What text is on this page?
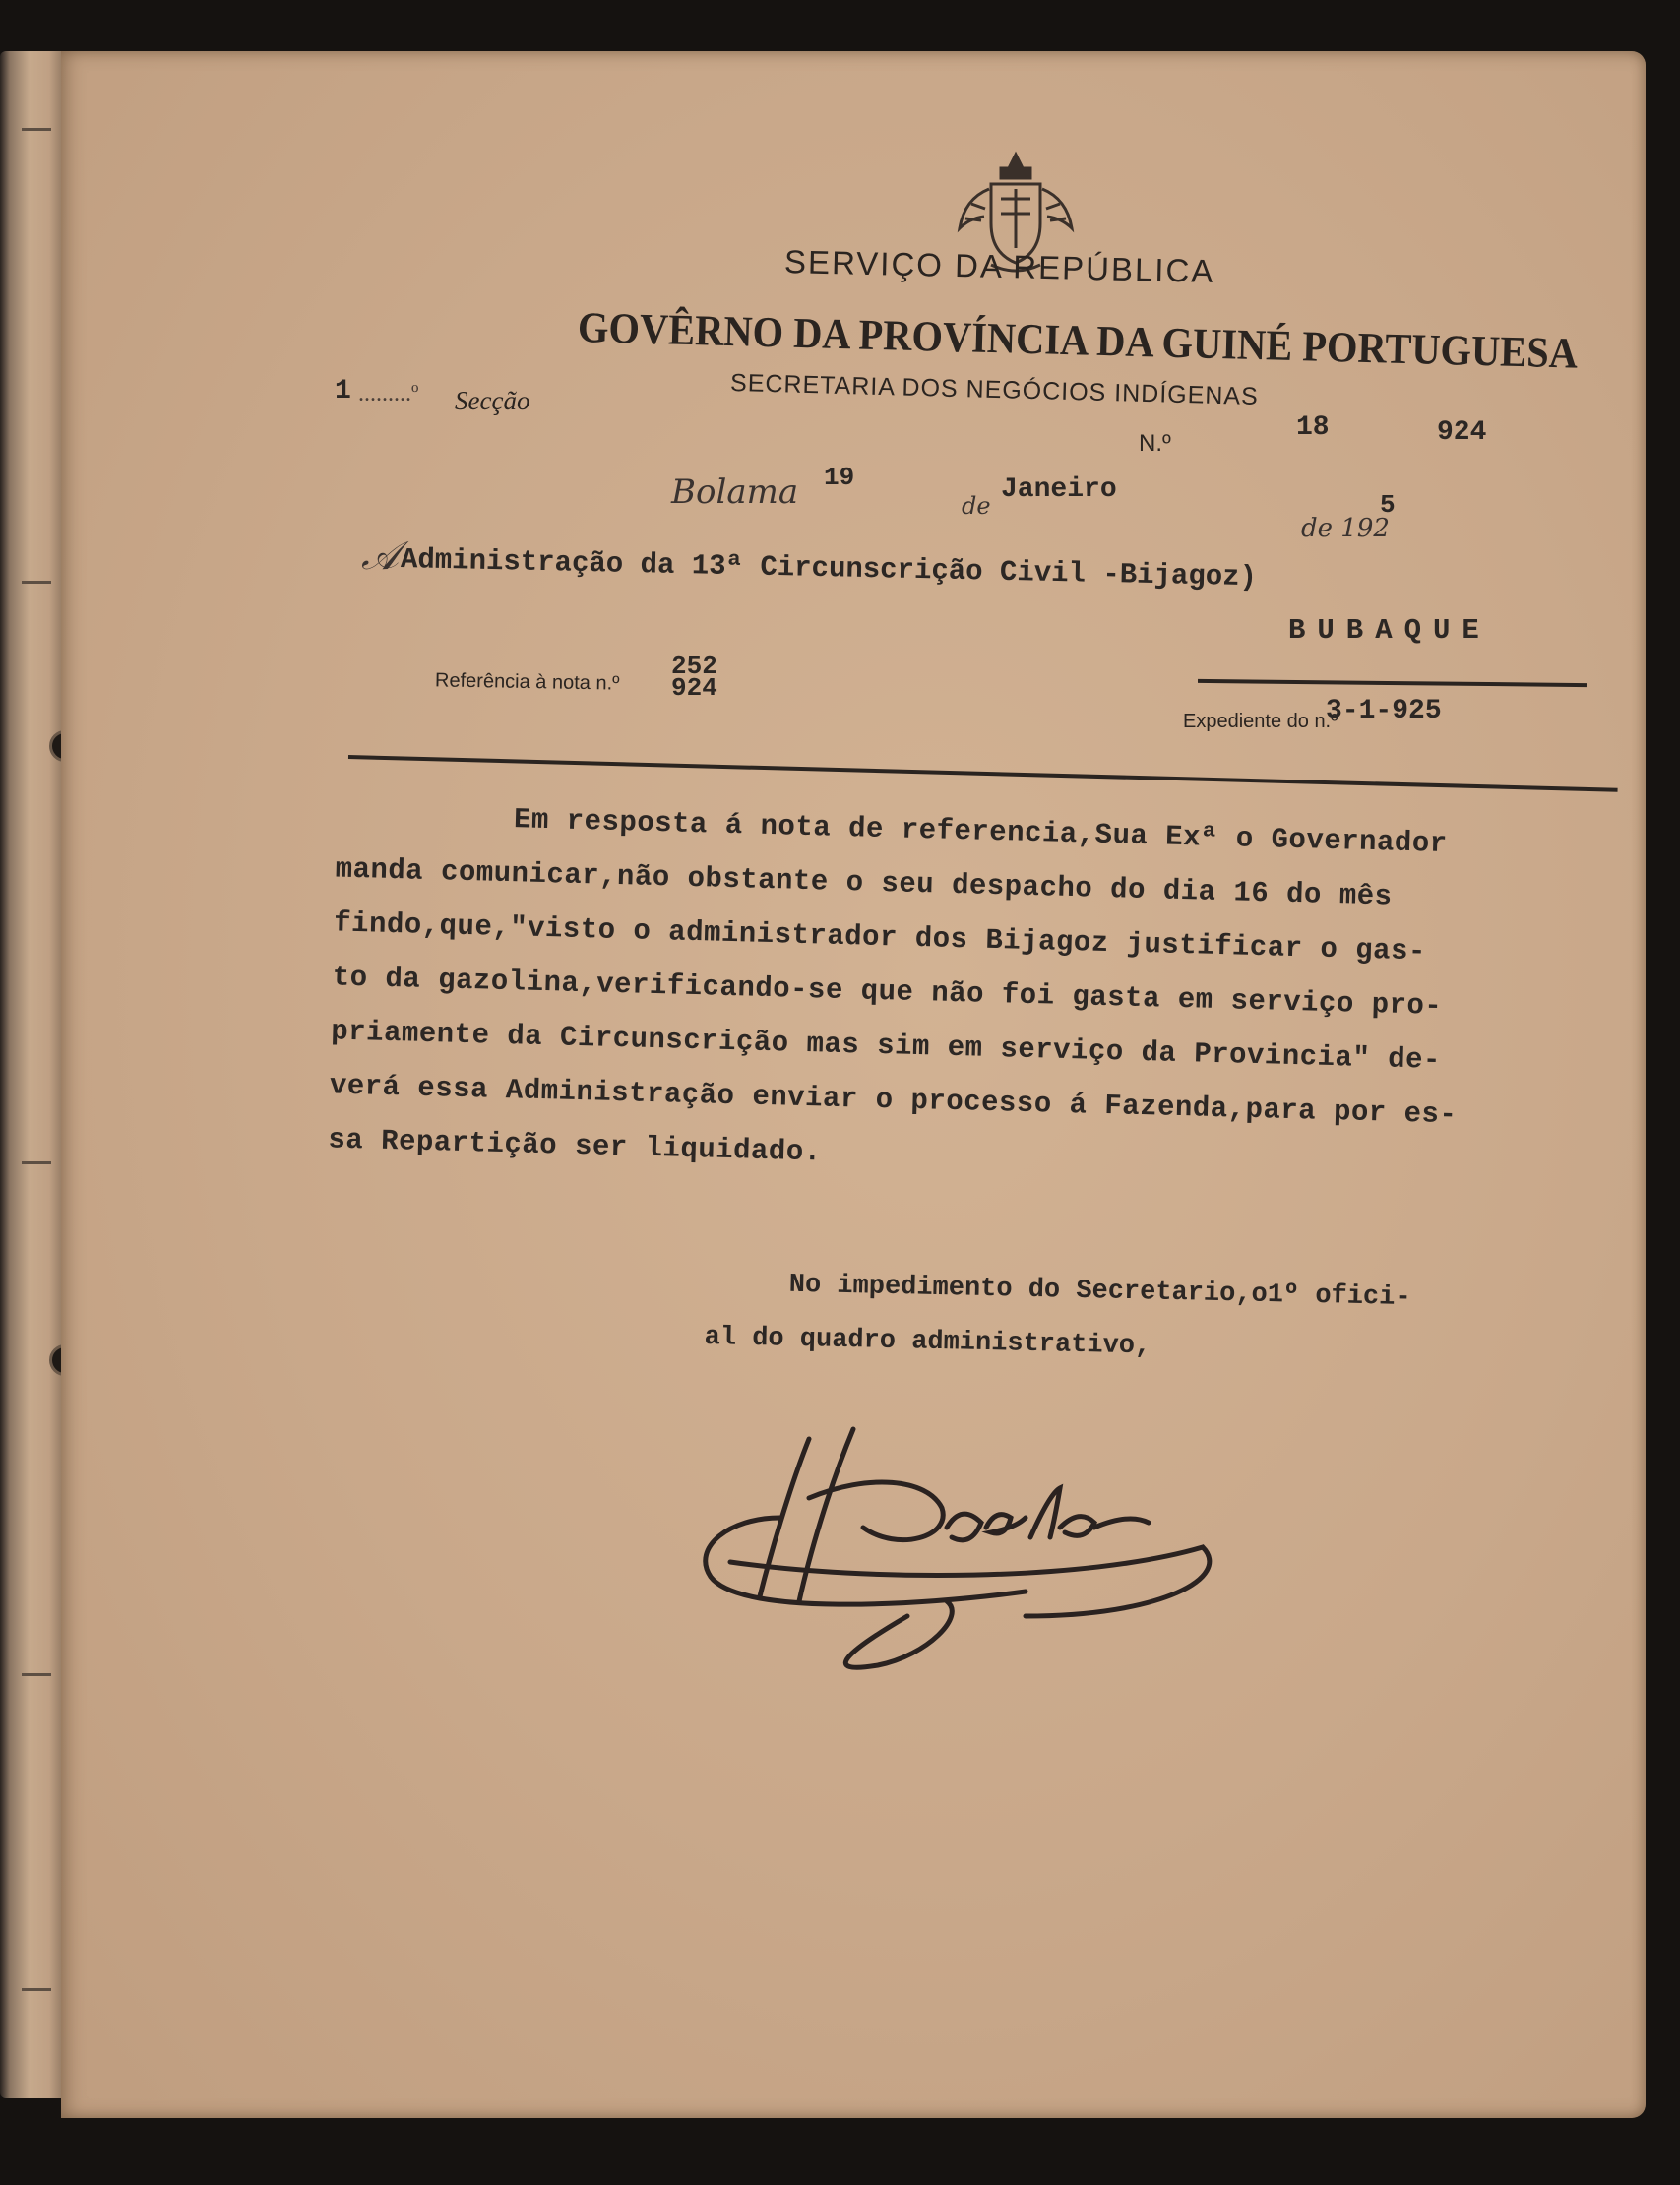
SERVIÇO DA REPÚBLICA
GOVÊRNO DA PROVÍNCIA DA GUINÉ PORTUGUESA
SECRETARIA DOS NEGÓCIOS INDÍGENAS
1 .........º Secção
N.º
18	924
Bolama 19
de
Janeiro
de 192
5
𝒜 Administração da 13ª Circunscrição Civil -Bijagoz)
BUBAQUE
Referência à nota n.º
252
924
Expediente do n.º
3-1-925
Em resposta á nota de referencia,Sua Exª o Governador
manda comunicar,não obstante o seu despacho do dia 16 do mês
findo,que,"visto o administrador dos Bijagoz justificar o gas-
to da gazolina,verificando-se que não foi gasta em serviço pro-
priamente da Circunscrição mas sim em serviço da Provincia" de-
verá essa Administração enviar o processo á Fazenda,para por es-
sa Repartição ser liquidado.
No impedimento do Secretario,o1º ofici-
al do quadro administrativo,
